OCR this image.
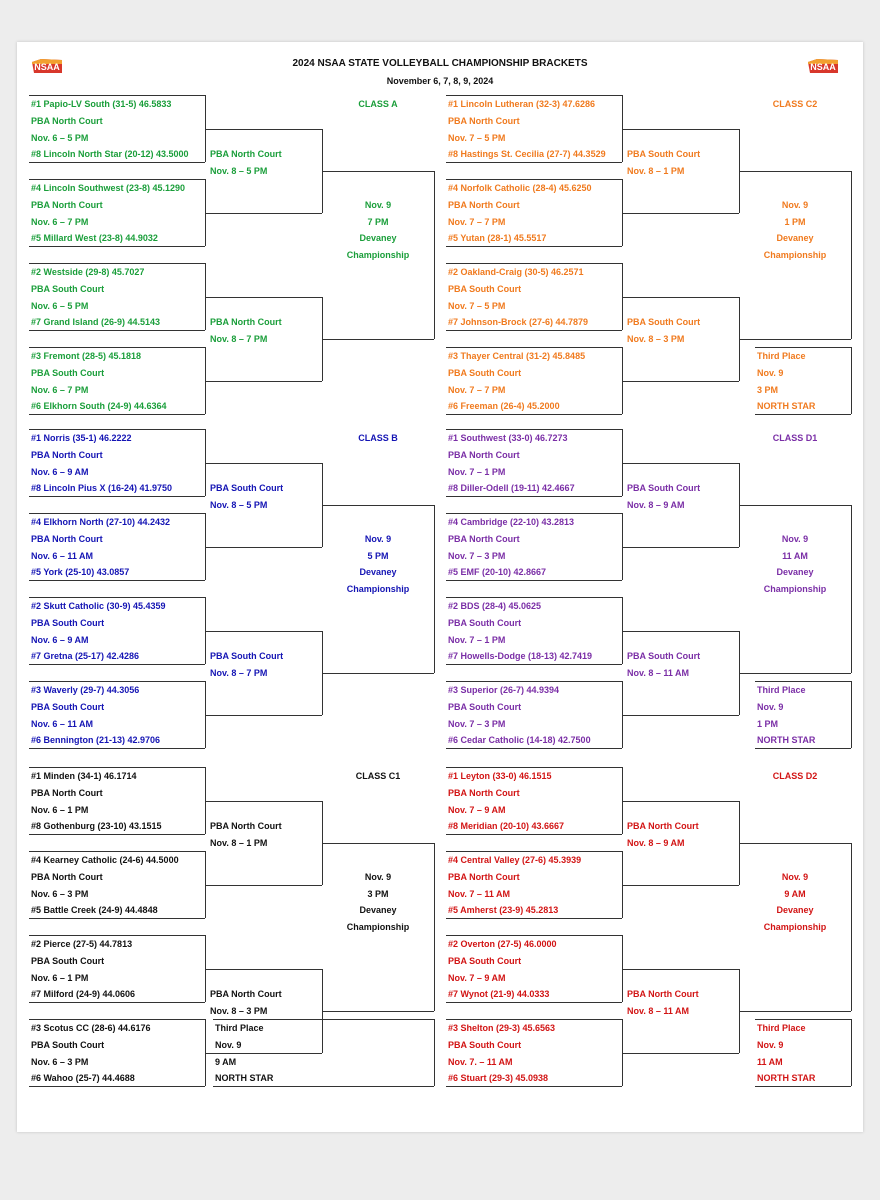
NSAA	NSAA
2024 NSAA STATE VOLLEYBALL CHAMPIONSHIP BRACKETS
November 6, 7, 8, 9, 2024
#1 Papio-LV South (31-5) 46.5833
PBA North Court
Nov. 6 – 5 PM
#8 Lincoln North Star (20-12) 43.5000
#4 Lincoln Southwest (23-8) 45.1290
PBA North Court
Nov. 6 – 7 PM
#5 Millard West (23-8) 44.9032
#2 Westside (29-8) 45.7027
PBA South Court
Nov. 6 – 5 PM
#7 Grand Island (26-9) 44.5143
#3 Fremont (28-5) 45.1818
PBA South Court
Nov. 6 – 7 PM
#6 Elkhorn South (24-9) 44.6364
PBA North Court
Nov. 8 – 5 PM
PBA North Court
Nov. 8 – 7 PM
CLASS A
Nov. 9
7 PM
Devaney
Championship
#1 Norris (35-1) 46.2222
PBA North Court
Nov. 6 – 9 AM
#8 Lincoln Pius X (16-24) 41.9750
#4 Elkhorn North (27-10) 44.2432
PBA North Court
Nov. 6 – 11 AM
#5 York (25-10) 43.0857
#2 Skutt Catholic (30-9) 45.4359
PBA South Court
Nov. 6 – 9 AM
#7 Gretna (25-17) 42.4286
#3 Waverly (29-7) 44.3056
PBA South Court
Nov. 6 – 11 AM
#6 Bennington (21-13) 42.9706
PBA South Court
Nov. 8 – 5 PM
PBA South Court
Nov. 8 – 7 PM
CLASS B
Nov. 9
5 PM
Devaney
Championship
#1 Minden (34-1) 46.1714
PBA North Court
Nov. 6 – 1 PM
#8 Gothenburg (23-10) 43.1515
#4 Kearney Catholic (24-6) 44.5000
PBA North Court
Nov. 6 – 3 PM
#5 Battle Creek (24-9) 44.4848
#2 Pierce (27-5) 44.7813
PBA South Court
Nov. 6 – 1 PM
#7 Milford (24-9) 44.0606
#3 Scotus CC (28-6) 44.6176
PBA South Court
Nov. 6 – 3 PM
#6 Wahoo (25-7) 44.4688
PBA North Court
Nov. 8 – 1 PM
PBA North Court
Nov. 8 – 3 PM
CLASS C1
Nov. 9
3 PM
Devaney
Championship
Third Place
Nov. 9
9 AM
NORTH STAR
#1 Lincoln Lutheran (32-3) 47.6286
PBA North Court
Nov. 7 – 5 PM
#8 Hastings St. Cecilia (27-7) 44.3529
#4 Norfolk Catholic (28-4) 45.6250
PBA North Court
Nov. 7 – 7 PM
#5 Yutan (28-1) 45.5517
#2 Oakland-Craig (30-5) 46.2571
PBA South Court
Nov. 7 – 5 PM
#7 Johnson-Brock (27-6) 44.7879
#3 Thayer Central (31-2) 45.8485
PBA South Court
Nov. 7 – 7 PM
#6 Freeman (26-4) 45.2000
PBA South Court
Nov. 8 – 1 PM
PBA South Court
Nov. 8 – 3 PM
CLASS C2
Nov. 9
1 PM
Devaney
Championship
Third Place
Nov. 9
3 PM
NORTH STAR
#1 Southwest (33-0) 46.7273
PBA North Court
Nov. 7 – 1 PM
#8 Diller-Odell (19-11) 42.4667
#4 Cambridge (22-10) 43.2813
PBA North Court
Nov. 7 – 3 PM
#5 EMF (20-10) 42.8667
#2 BDS (28-4) 45.0625
PBA South Court
Nov. 7 – 1 PM
#7 Howells-Dodge (18-13) 42.7419
#3 Superior (26-7) 44.9394
PBA South Court
Nov. 7 – 3 PM
#6 Cedar Catholic (14-18) 42.7500
PBA South Court
Nov. 8 – 9 AM
PBA South Court
Nov. 8 – 11 AM
CLASS D1
Nov. 9
11 AM
Devaney
Championship
Third Place
Nov. 9
1 PM
NORTH STAR
#1 Leyton (33-0) 46.1515
PBA North Court
Nov. 7 – 9 AM
#8 Meridian (20-10) 43.6667
#4 Central Valley (27-6) 45.3939
PBA North Court
Nov. 7 – 11 AM
#5 Amherst (23-9) 45.2813
#2 Overton (27-5) 46.0000
PBA South Court
Nov. 7 – 9 AM
#7 Wynot (21-9) 44.0333
#3 Shelton (29-3) 45.6563
PBA South Court
Nov. 7. – 11 AM
#6 Stuart (29-3) 45.0938
PBA North Court
Nov. 8 – 9 AM
PBA North Court
Nov. 8 – 11 AM
CLASS D2
Nov. 9
9 AM
Devaney
Championship
Third Place
Nov. 9
11 AM
NORTH STAR
